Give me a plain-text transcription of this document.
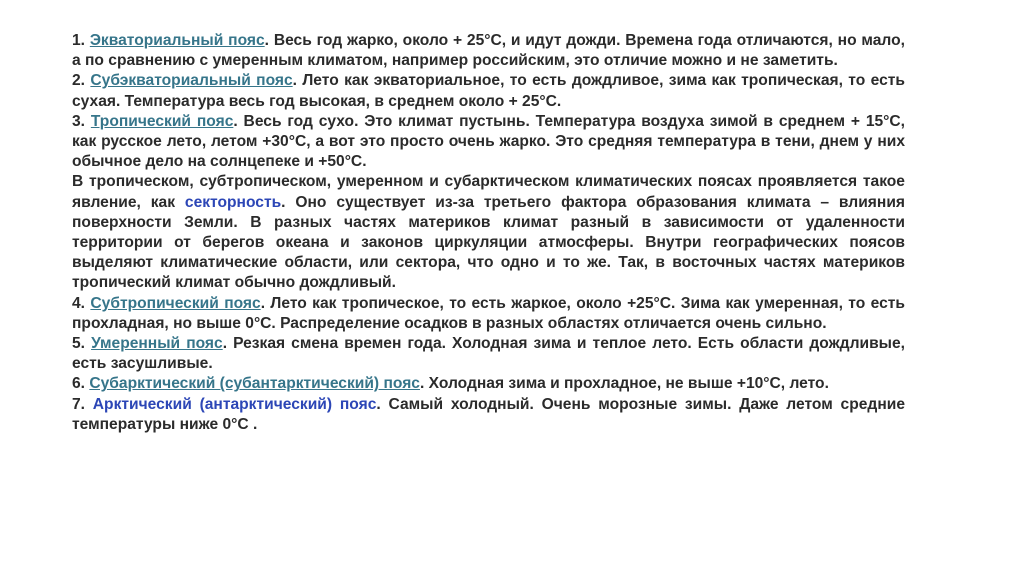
1. Экваториальный пояс. Весь год жарко, около + 25°С, и идут дожди. Времена года отличаются, но мало, а по сравнению с умеренным климатом, например российским, это отличие можно и не заметить.

2. Субэкваториальный пояс. Лето как экваториальное, то есть дождливое, зима как тропическая, то есть сухая. Температура весь год высокая, в среднем около + 25°С.

3. Тропический пояс. Весь год сухо. Это климат пустынь. Температура воздуха зимой в среднем + 15°С, как русское лето, летом +30°С, а вот это просто очень жарко. Это средняя температура в тени, днем у них обычное дело на солнцепеке и +50°С.

В тропическом, субтропическом, умеренном и субарктическом климатических поясах проявляется такое явление, как секторность. Оно существует из-за третьего фактора образования климата – влияния поверхности Земли. В разных частях материков климат разный в зависимости от удаленности территории от берегов океана и законов циркуляции атмосферы. Внутри географических поясов выделяют климатические области, или сектора, что одно и то же. Так, в восточных частях материков тропический климат обычно дождливый.

4. Субтропический пояс. Лето как тропическое, то есть жаркое, около +25°С. Зима как умеренная, то есть прохладная, но выше 0°С. Распределение осадков в разных областях отличается очень сильно.

5. Умеренный пояс. Резкая смена времен года. Холодная зима и теплое лето. Есть области дождливые, есть засушливые.

6. Субарктический (субантарктический) пояс. Холодная зима и прохладное, не выше +10°С, лето.

7. Арктический (антарктический) пояс. Самый холодный. Очень морозные зимы. Даже летом средние температуры ниже 0°С .
